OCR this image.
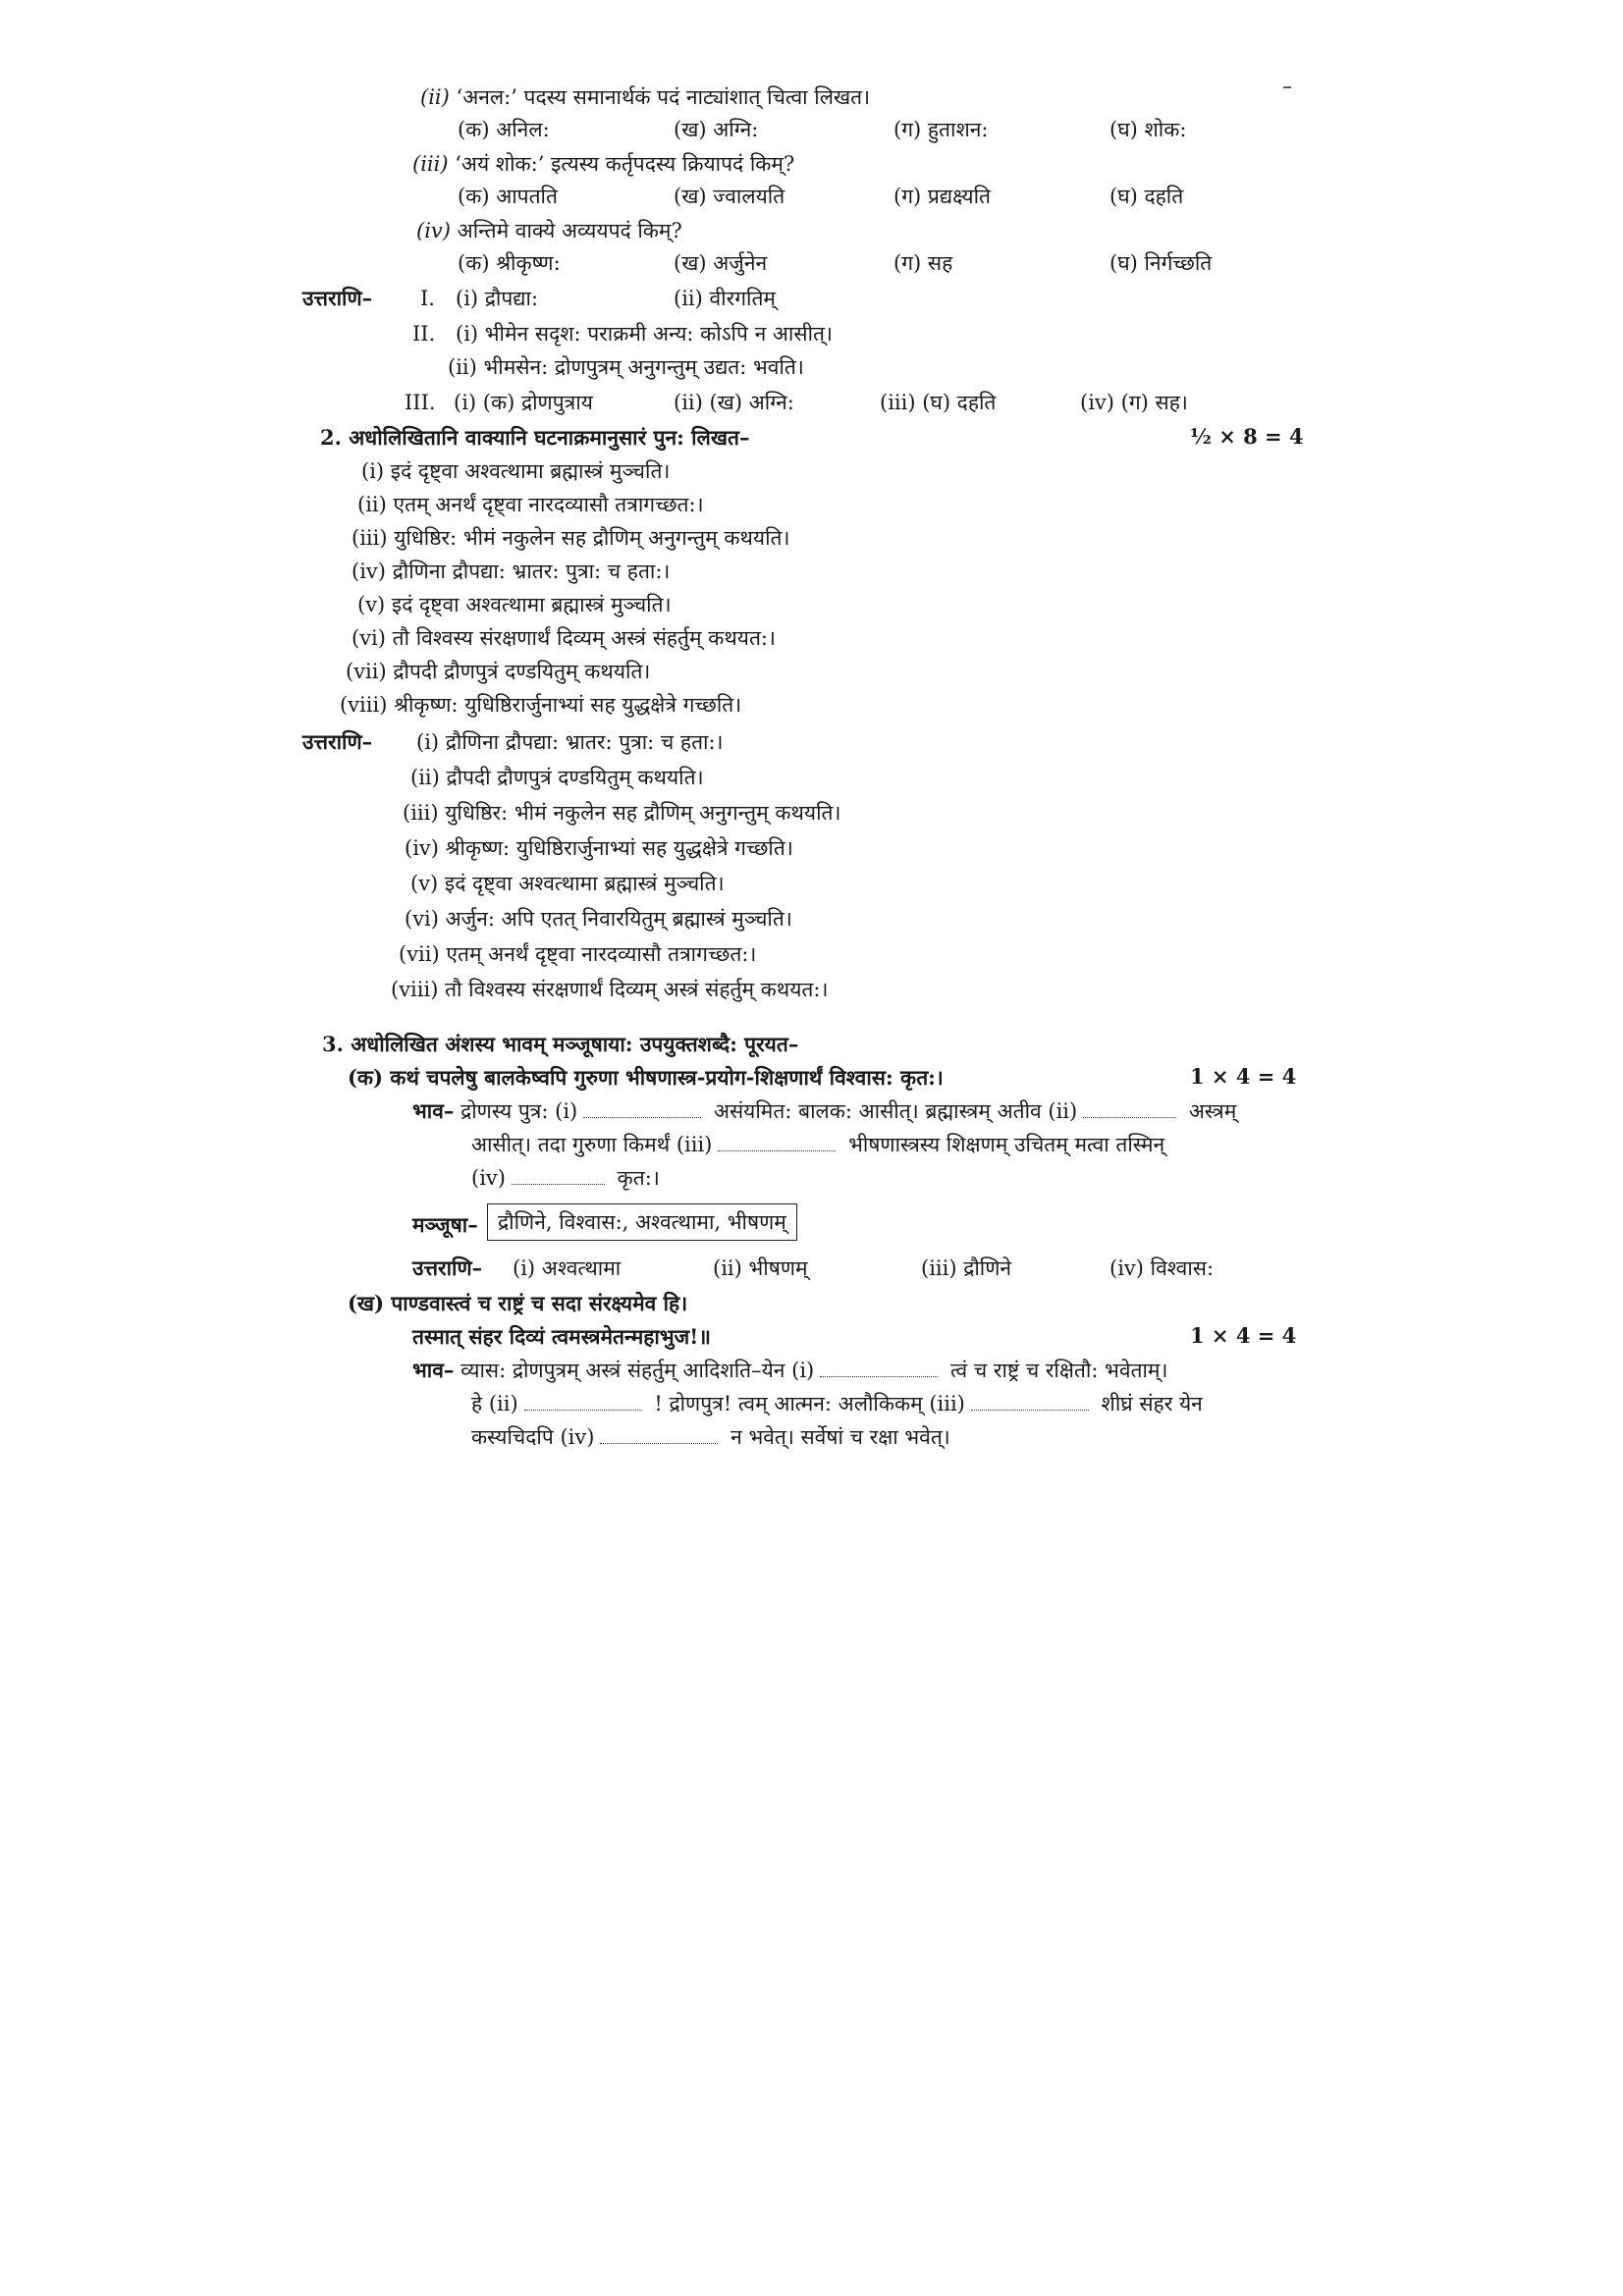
(ii) ‘अनल:’ पदस्य समानार्थकं पदं नाट्यांशात् चित्वा लिखत।
(क) अनिल:	(ख) अग्नि:	(ग) हुताशन:	(घ) शोक:
(iii) ‘अयं शोक:’ इत्यस्य कर्तृपदस्य क्रियापदं किम्?
(क) आपतति	(ख) ज्वालयति	(ग) प्रद्यक्ष्यति	(घ) दहति
(iv) अन्तिमे वाक्ये अव्ययपदं किम्?
(क) श्रीकृष्ण:	(ख) अर्जुनेन	(ग) सह	(घ) निर्गच्छति
उत्तराणि– I. (i) द्रौपद्या:	(ii) वीरगतिम्
II. (i) भीमेन सदृश: पराक्रमी अन्य: कोऽपि न आसीत्।
(ii) भीमसेन: द्रोणपुत्रम् अनुगन्तुम् उद्यत: भवति।
III. (i) (क) द्रोणपुत्राय	(ii) (ख) अग्नि:	(iii) (घ) दहति	(iv) (ग) सह।
2. अधोलिखितानि वाक्यानि घटनाक्रमानुसारं पुन: लिखत–	½ × 8 = 4
(i) इदं दृष्ट्वा अश्वत्थामा ब्रह्मास्त्रं मुञ्चति।
(ii) एतम् अनर्थं दृष्ट्वा नारदव्यासौ तत्रागच्छत:।
(iii) युधिष्ठिर: भीमं नकुलेन सह द्रौणिम् अनुगन्तुम् कथयति।
(iv) द्रौणिना द्रौपद्या: भ्रातर: पुत्रा: च हता:।
(v) इदं दृष्ट्वा अश्वत्थामा ब्रह्मास्त्रं मुञ्चति।
(vi) तौ विश्वस्य संरक्षणार्थं दिव्यम् अस्त्रं संहर्तुम् कथयत:।
(vii) द्रौपदी द्रौणपुत्रं दण्डयितुम् कथयति।
(viii) श्रीकृष्ण: युधिष्ठिरार्जुनाभ्यां सह युद्धक्षेत्रे गच्छति।
उत्तराणि– (i) द्रौणिना द्रौपद्या: भ्रातर: पुत्रा: च हता:।
(ii) द्रौपदी द्रौणपुत्रं दण्डयितुम् कथयति।
(iii) युधिष्ठिर: भीमं नकुलेन सह द्रौणिम् अनुगन्तुम् कथयति।
(iv) श्रीकृष्ण: युधिष्ठिरार्जुनाभ्यां सह युद्धक्षेत्रे गच्छति।
(v) इदं दृष्ट्वा अश्वत्थामा ब्रह्मास्त्रं मुञ्चति।
(vi) अर्जुन: अपि एतत् निवारयितुम् ब्रह्मास्त्रं मुञ्चति।
(vii) एतम् अनर्थं दृष्ट्वा नारदव्यासौ तत्रागच्छत:।
(viii) तौ विश्वस्य संरक्षणार्थं दिव्यम् अस्त्रं संहर्तुम् कथयत:।
3. अधोलिखित अंशस्य भावम् मञ्जूषाया: उपयुक्तशब्दै: पूरयत–
(क) कथं चपलेषु बालकेष्वपि गुरुणा भीषणास्त्र-प्रयोग-शिक्षणार्थं विश्वास: कृत:।	1 × 4 = 4
भाव– द्रोणस्य पुत्र: (i)	असंयमित: बालक: आसीत्। ब्रह्मास्त्रम् अतीव (ii)	अस्त्रम्
आसीत्। तदा गुरुणा किमर्थं (iii)	भीषणास्त्रस्य शिक्षणम् उचितम् मत्वा तस्मिन्
(iv)	कृत:।
मञ्जूषा– द्रौणिने, विश्वास:, अश्वत्थामा, भीषणम्
उत्तराणि– (i) अश्वत्थामा	(ii) भीषणम्	(iii) द्रौणिने	(iv) विश्वास:
(ख) पाण्डवास्त्वं च राष्ट्रं च सदा संरक्ष्यमेव हि।
तस्मात् संहर दिव्यं त्वमस्त्रमेतन्महाभुज!॥	1 × 4 = 4
भाव– व्यास: द्रोणपुत्रम् अस्त्रं संहर्तुम् आदिशति–येन (i)	त्वं च राष्ट्रं च रक्षितौ: भवेताम्।
हे (ii)	! द्रोणपुत्र! त्वम् आत्मन: अलौकिकम् (iii)	शीघ्रं संहर येन
कस्यचिदपि (iv)	न भवेत्। सर्वेषां च रक्षा भवेत्।
